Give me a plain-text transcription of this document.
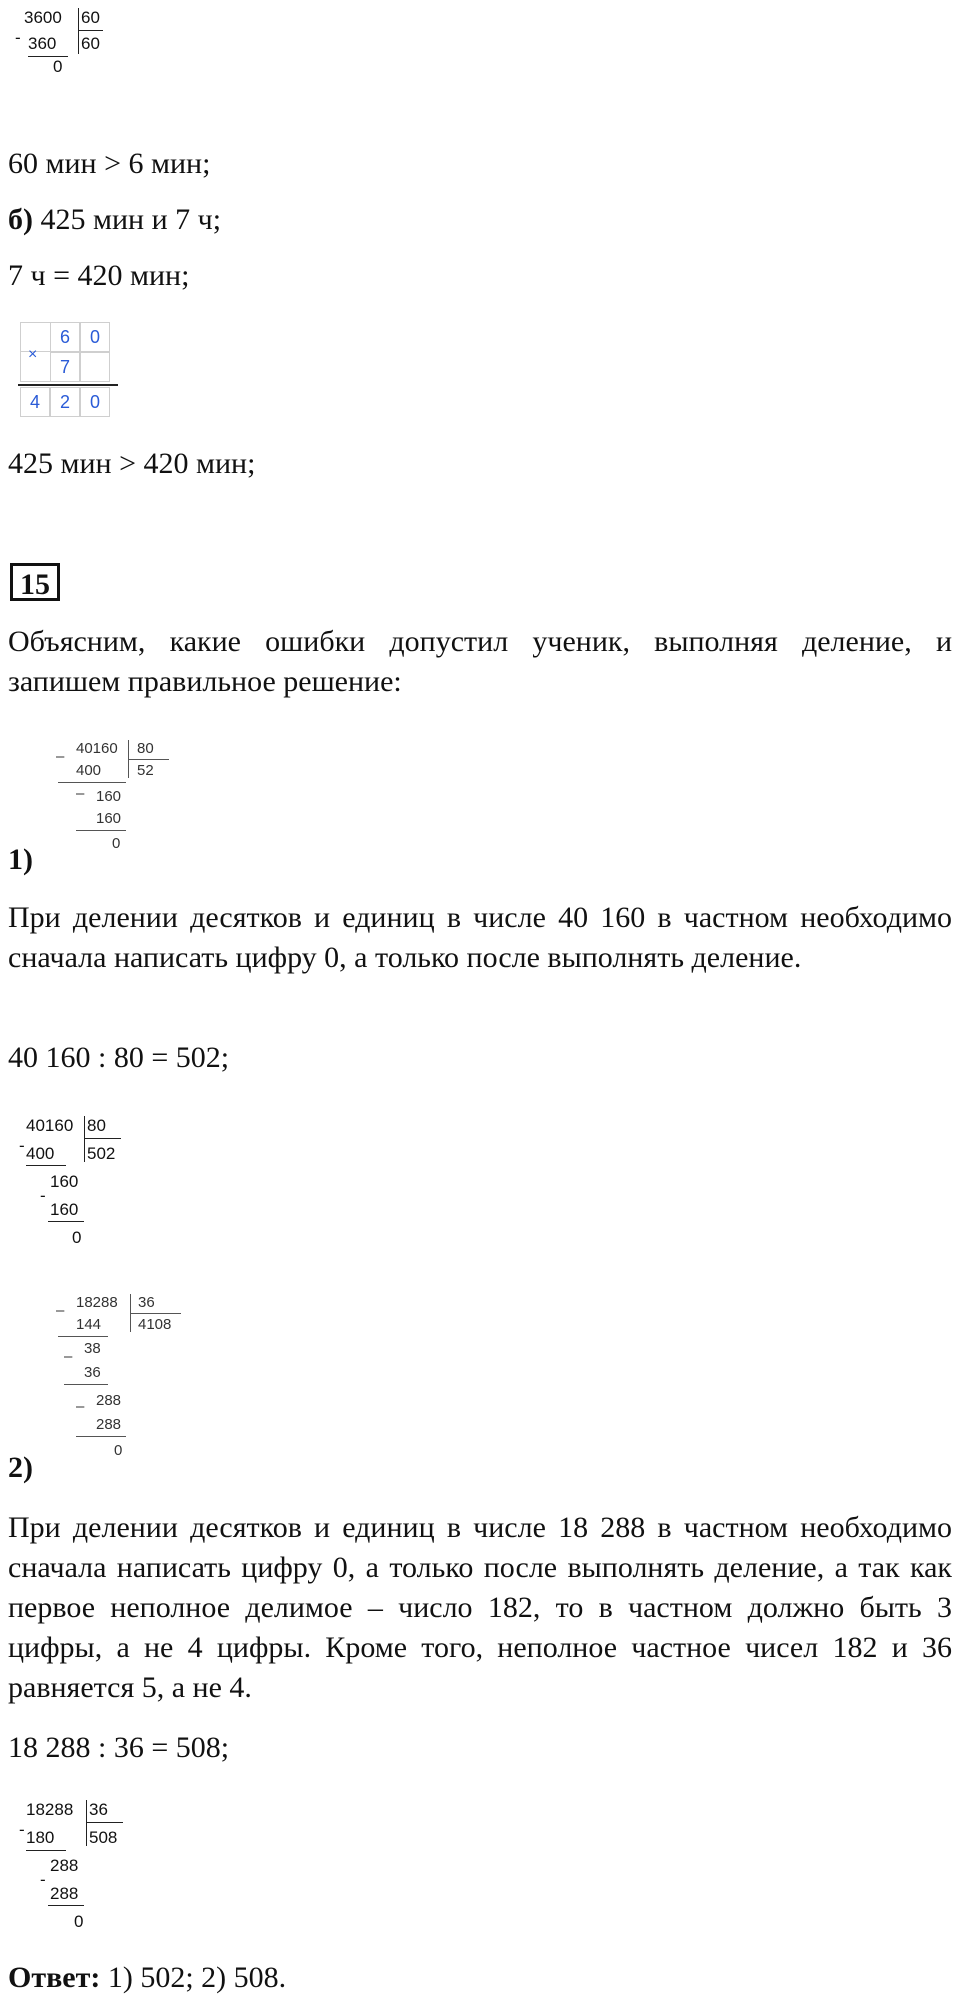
3600 60
- 360 60
0
60 мин > 6 мин;
б) 425 мин и 7 ч;
7 ч = 420 мин;
×
6	0
7
4	2	0
425 мин > 420 мин;
15
Объясним, какие ошибки допустил ученик, выполняя деление, и запишем правильное решение:
40160 80
–
400 52
– 160
160
0
1)
При делении десятков и единиц в числе 40 160 в частном необходимо сначала написать цифру 0, а только после выполнять деление.
40 160 : 80 = 502;
40160 80
- 400 502
-
160
160
0
18288 36
–
144 4108
– 38
36
– 288
288
0
2)
При делении десятков и единиц в числе 18 288 в частном необходимо сначала написать цифру 0, а только после выполнять деление, а так как первое неполное делимое – число 182, то в частном должно быть 3 цифры, а не 4 цифры. Кроме того, неполное частное чисел 182 и 36 равняется 5, а не 4.
18 288 : 36 = 508;
18288 36
- 180 508
-
288
288
0
Ответ: 1) 502; 2) 508.
